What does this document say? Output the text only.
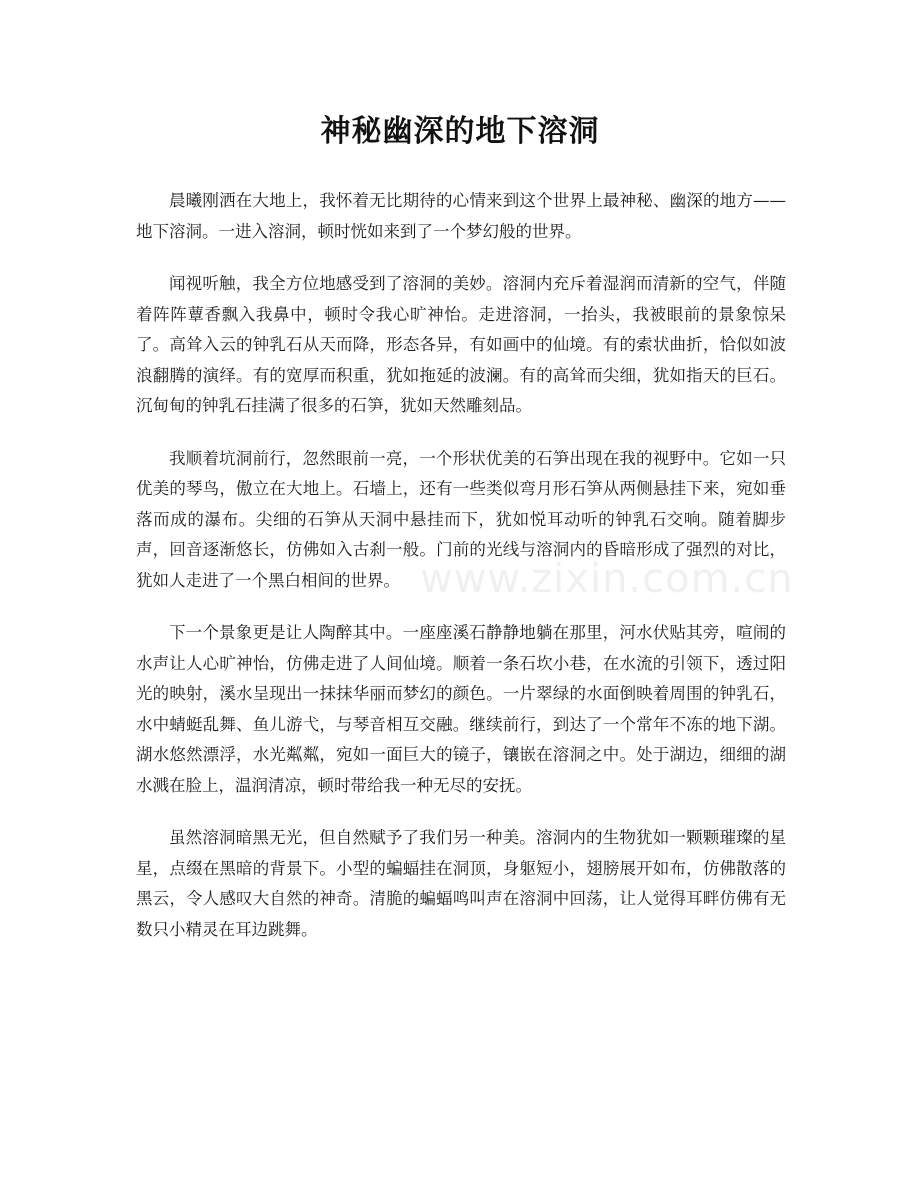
神秘幽深的地下溶洞

晨曦刚洒在大地上，我怀着无比期待的心情来到这个世界上最神秘、幽深的地方——地下溶洞。一进入溶洞，顿时恍如来到了一个梦幻般的世界。

闻视听触，我全方位地感受到了溶洞的美妙。溶洞内充斥着湿润而清新的空气，伴随着阵阵蕈香飘入我鼻中，顿时令我心旷神怡。走进溶洞，一抬头，我被眼前的景象惊呆了。高耸入云的钟乳石从天而降，形态各异，有如画中的仙境。有的索状曲折，恰似如波浪翻腾的演绎。有的宽厚而积重，犹如拖延的波澜。有的高耸而尖细，犹如指天的巨石。沉甸甸的钟乳石挂满了很多的石笋，犹如天然雕刻品。

我顺着坑洞前行，忽然眼前一亮，一个形状优美的石笋出现在我的视野中。它如一只优美的琴鸟，傲立在大地上。石墙上，还有一些类似弯月形石笋从两侧悬挂下来，宛如垂落而成的瀑布。尖细的石笋从天洞中悬挂而下，犹如悦耳动听的钟乳石交响。随着脚步声，回音逐渐悠长，仿佛如入古刹一般。门前的光线与溶洞内的昏暗形成了强烈的对比，犹如人走进了一个黑白相间的世界。

下一个景象更是让人陶醉其中。一座座溪石静静地躺在那里，河水伏贴其旁，喧闹的水声让人心旷神怡，仿佛走进了人间仙境。顺着一条石坎小巷，在水流的引领下，透过阳光的映射，溪水呈现出一抹抹华丽而梦幻的颜色。一片翠绿的水面倒映着周围的钟乳石，水中蜻蜓乱舞、鱼儿游弋，与琴音相互交融。继续前行，到达了一个常年不冻的地下湖。湖水悠然漂浮，水光粼粼，宛如一面巨大的镜子，镶嵌在溶洞之中。处于湖边，细细的湖水溅在脸上，温润清凉，顿时带给我一种无尽的安抚。

虽然溶洞暗黑无光，但自然赋予了我们另一种美。溶洞内的生物犹如一颗颗璀璨的星星，点缀在黑暗的背景下。小型的蝙蝠挂在洞顶，身躯短小，翅膀展开如布，仿佛散落的黑云，令人感叹大自然的神奇。清脆的蝙蝠鸣叫声在溶洞中回荡，让人觉得耳畔仿佛有无数只小精灵在耳边跳舞。

www.zixin.com.cn
